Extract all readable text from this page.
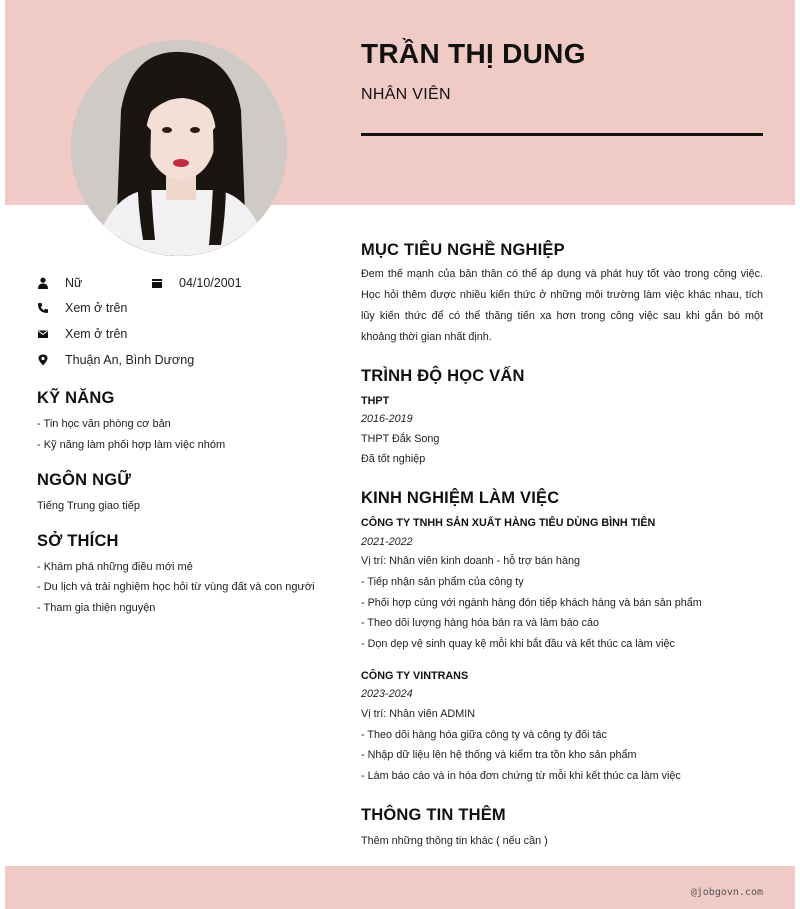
TRẦN THỊ DUNG
NHÂN VIÊN
Nữ	04/10/2001
Xem ở trên
Xem ở trên
Thuận An, Bình Dương
KỸ NĂNG
- Tin học văn phòng cơ bản
- Kỹ năng làm phối hợp làm việc nhóm
NGÔN NGỮ
Tiếng Trung giao tiếp
SỞ THÍCH
- Khám phá những điều mới mẻ
- Du lịch và trải nghiệm học hỏi từ vùng đất và con người
- Tham gia thiện nguyện
MỤC TIÊU NGHỀ NGHIỆP
Đem thế mạnh của bản thân có thể áp dụng và phát huy tốt vào trong công việc. Học hỏi thêm được nhiều kiến thức ở những môi trường làm việc khác nhau, tích lũy kiến thức để có thể thăng tiến xa hơn trong công việc sau khi gắn bó một khoảng thời gian nhất định.
TRÌNH ĐỘ HỌC VẤN
THPT
2016-2019
THPT Đắk Song
Đã tốt nghiệp
KINH NGHIỆM LÀM VIỆC
CÔNG TY TNHH SẢN XUẤT HÀNG TIÊU DÙNG BÌNH TIÊN
2021-2022
Vị trí: Nhân viên kinh doanh - hỗ trợ bán hàng
- Tiếp nhận sản phẩm của công ty
- Phối hợp cùng với ngành hàng đón tiếp khách hàng và bán sản phẩm
- Theo dõi lượng hàng hóa bán ra và làm báo cáo
- Dọn dẹp vệ sinh quay kệ mỗi khi bắt đầu và kết thúc ca làm việc
CÔNG TY VINTRANS
2023-2024
Vị trí: Nhân viên ADMIN
- Theo dõi hàng hóa giữa công ty và công ty đối tác
- Nhập dữ liệu lên hệ thống và kiểm tra tồn kho sản phẩm
- Làm báo cáo và in hóa đơn chứng từ mỗi khi kết thúc ca làm việc
THÔNG TIN THÊM
Thêm những thông tin khác ( nếu cần )
@jobgovn.com
